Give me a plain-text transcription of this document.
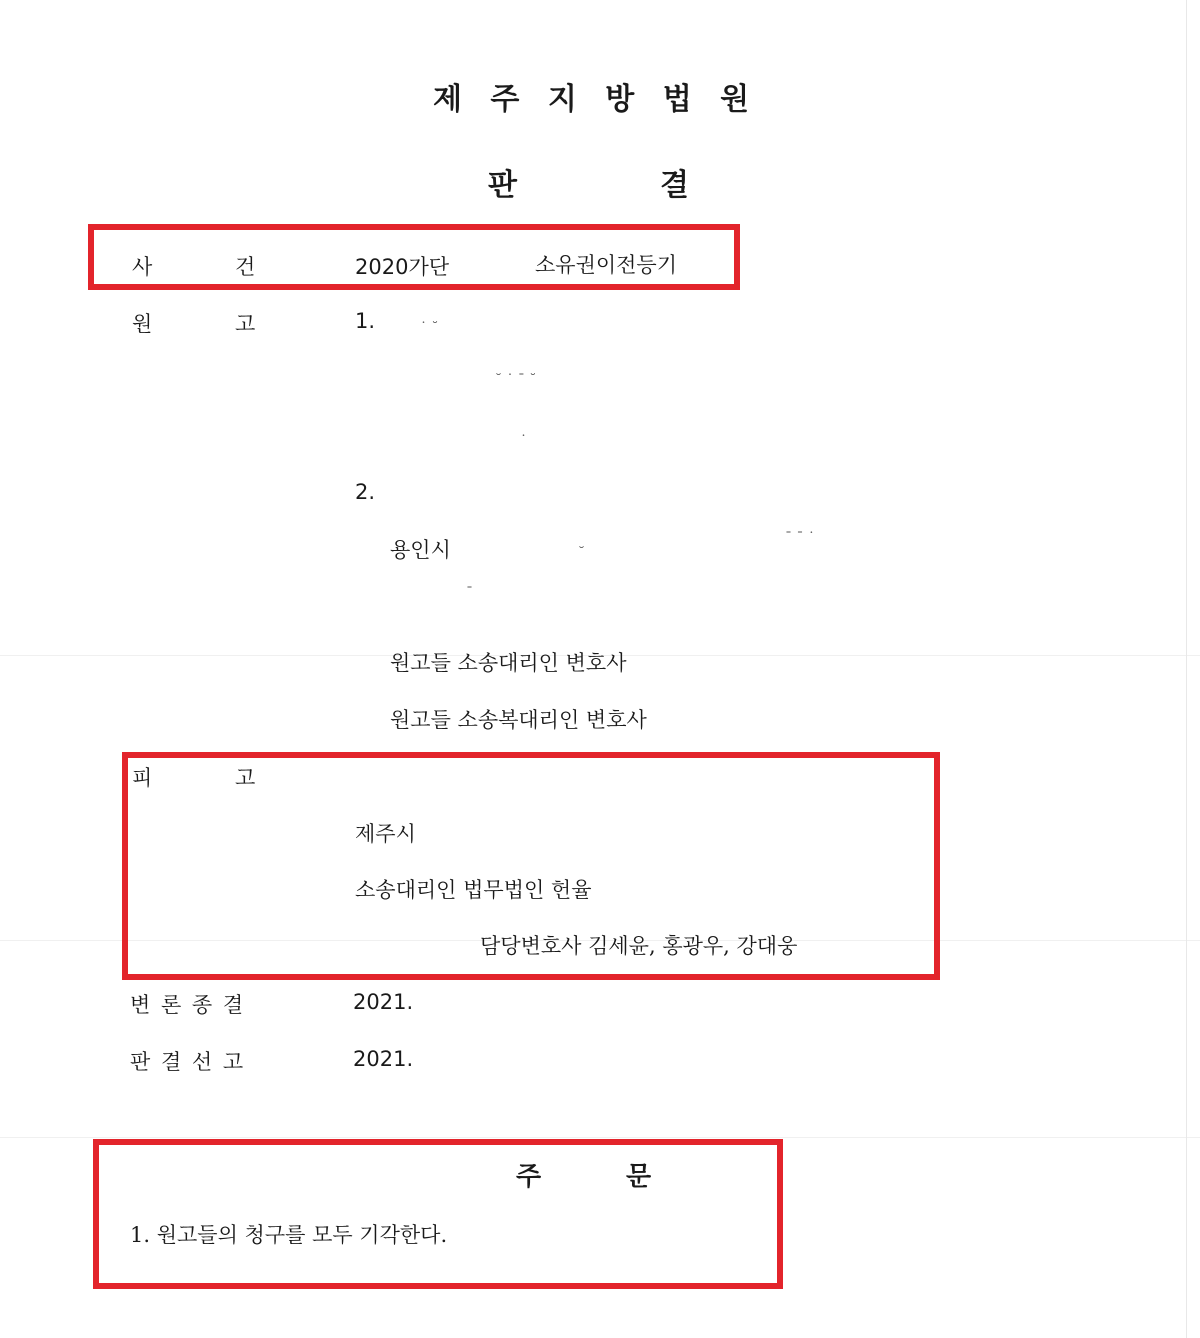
제 주 지 방 법 원
판	결
사	건	2020가단	소유권이전등기
원	고	1.	˙ ˘
˘ ˙ ˉ ˘
˙
2.
용인시	˘
ˉ ˉ ˙
ˉ
원고들 소송대리인 변호사
원고들 소송복대리인 변호사
피	고
제주시
소송대리인 법무법인 헌율
담당변호사 김세윤, 홍광우, 강대웅
변 론 종 결	2021.
판 결 선 고	2021.
주	문
1. 원고들의 청구를 모두 기각한다.
